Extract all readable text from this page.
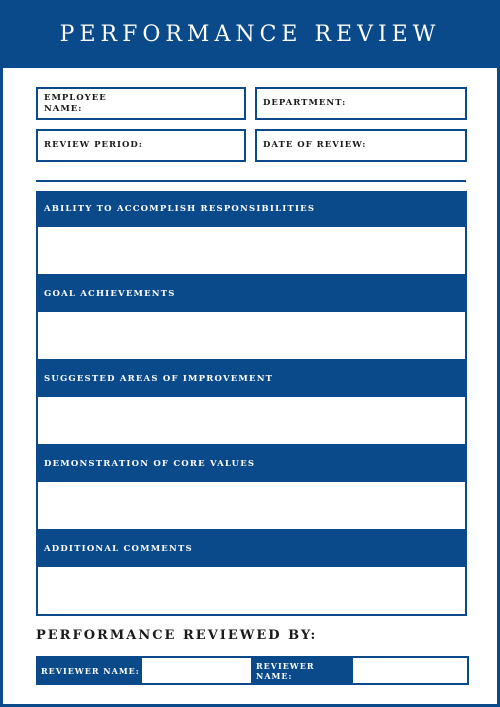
PERFORMANCE REVIEW
EMPLOYEE NAME:
DEPARTMENT:
REVIEW PERIOD:	DATE OF REVIEW:
ABILITY TO ACCOMPLISH RESPONSIBILITIES
GOAL ACHIEVEMENTS
SUGGESTED AREAS OF IMPROVEMENT
DEMONSTRATION OF CORE VALUES
ADDITIONAL COMMENTS
PERFORMANCE REVIEWED BY:
REVIEWER NAME:	REVIEWER NAME:
